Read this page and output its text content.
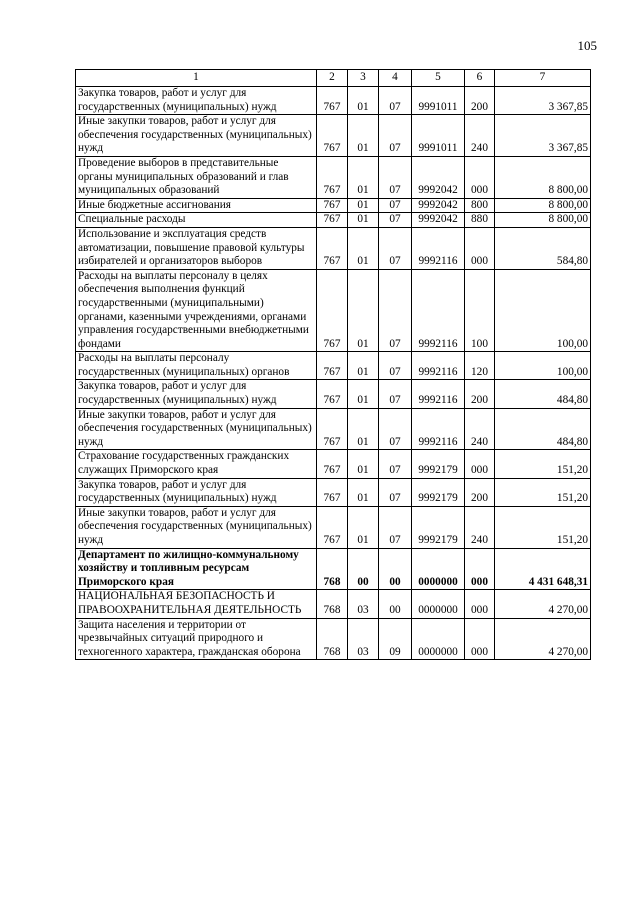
105
1	2	3	4	5	6	7
Закупка товаров, работ и услуг для государственных (муниципальных) нужд	767	01	07	9991011	200	3 367,85
Иные закупки товаров, работ и услуг для обеспечения государственных (муниципальных) нужд	767	01	07	9991011	240	3 367,85
Проведение выборов в представительные органы муниципальных образований и глав муниципальных образований	767	01	07	9992042	000	8 800,00
Иные бюджетные ассигнования	767	01	07	9992042	800	8 800,00
Специальные расходы	767	01	07	9992042	880	8 800,00
Использование и эксплуатация средств автоматизации, повышение правовой культуры избирателей и организаторов выборов	767	01	07	9992116	000	584,80
Расходы на выплаты персоналу в целях обеспечения выполнения функций государственными (муниципальными) органами, казенными учреждениями, органами управления государственными внебюджетными фондами	767	01	07	9992116	100	100,00
Расходы на выплаты персоналу государственных (муниципальных) органов	767	01	07	9992116	120	100,00
Закупка товаров, работ и услуг для государственных (муниципальных) нужд	767	01	07	9992116	200	484,80
Иные закупки товаров, работ и услуг для обеспечения государственных (муниципальных) нужд	767	01	07	9992116	240	484,80
Страхование государственных гражданских служащих Приморского края	767	01	07	9992179	000	151,20
Закупка товаров, работ и услуг для государственных (муниципальных) нужд	767	01	07	9992179	200	151,20
Иные закупки товаров, работ и услуг для обеспечения государственных (муниципальных) нужд	767	01	07	9992179	240	151,20
Департамент по жилищно-коммунальному хозяйству и топливным ресурсам Приморского края	768	00	00	0000000	000	4 431 648,31
НАЦИОНАЛЬНАЯ БЕЗОПАСНОСТЬ И ПРАВООХРАНИТЕЛЬНАЯ ДЕЯТЕЛЬНОСТЬ	768	03	00	0000000	000	4 270,00
Защита населения и территории от чрезвычайных ситуаций природного и техногенного характера, гражданская оборона	768	03	09	0000000	000	4 270,00
